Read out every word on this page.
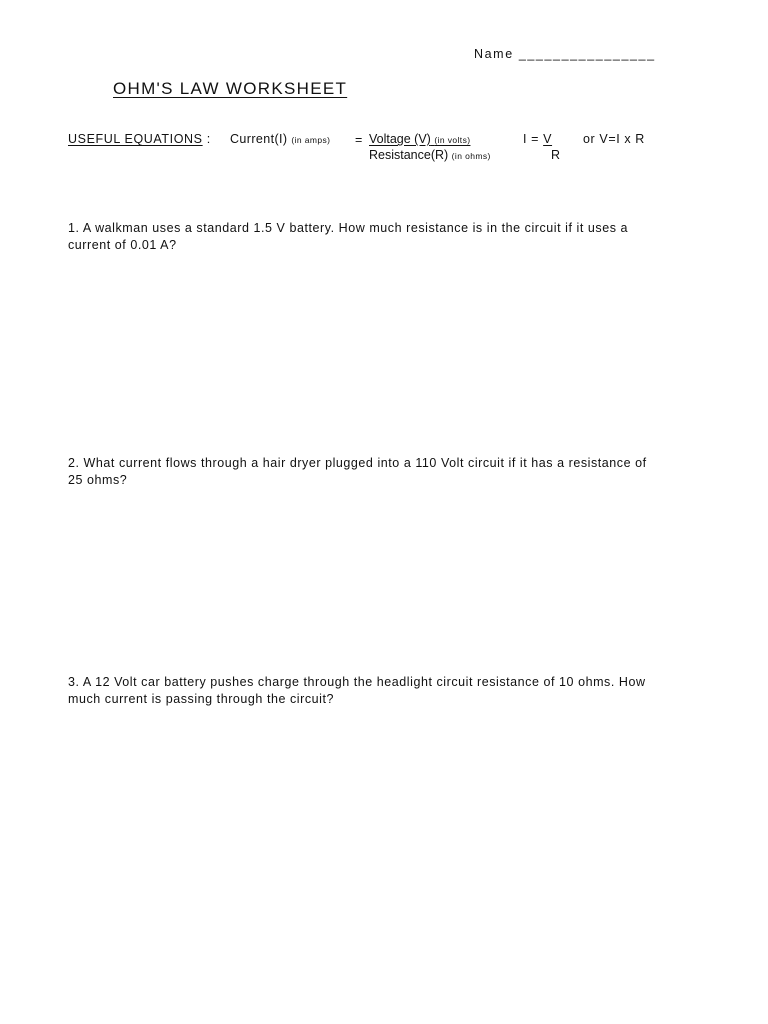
Name ________________
OHM'S LAW WORKSHEET
USEFUL EQUATIONS : Current(I) (in amps) = Voltage (V) (in volts)
Resistance(R) (in ohms)
I = V
R
or V=I x R
1. A walkman uses a standard 1.5 V battery. How much resistance is in the circuit if it uses a
current of 0.01 A?
2. What current flows through a hair dryer plugged into a 110 Volt circuit if it has a resistance of
25 ohms?
3. A 12 Volt car battery pushes charge through the headlight circuit resistance of 10 ohms. How
much current is passing through the circuit?
